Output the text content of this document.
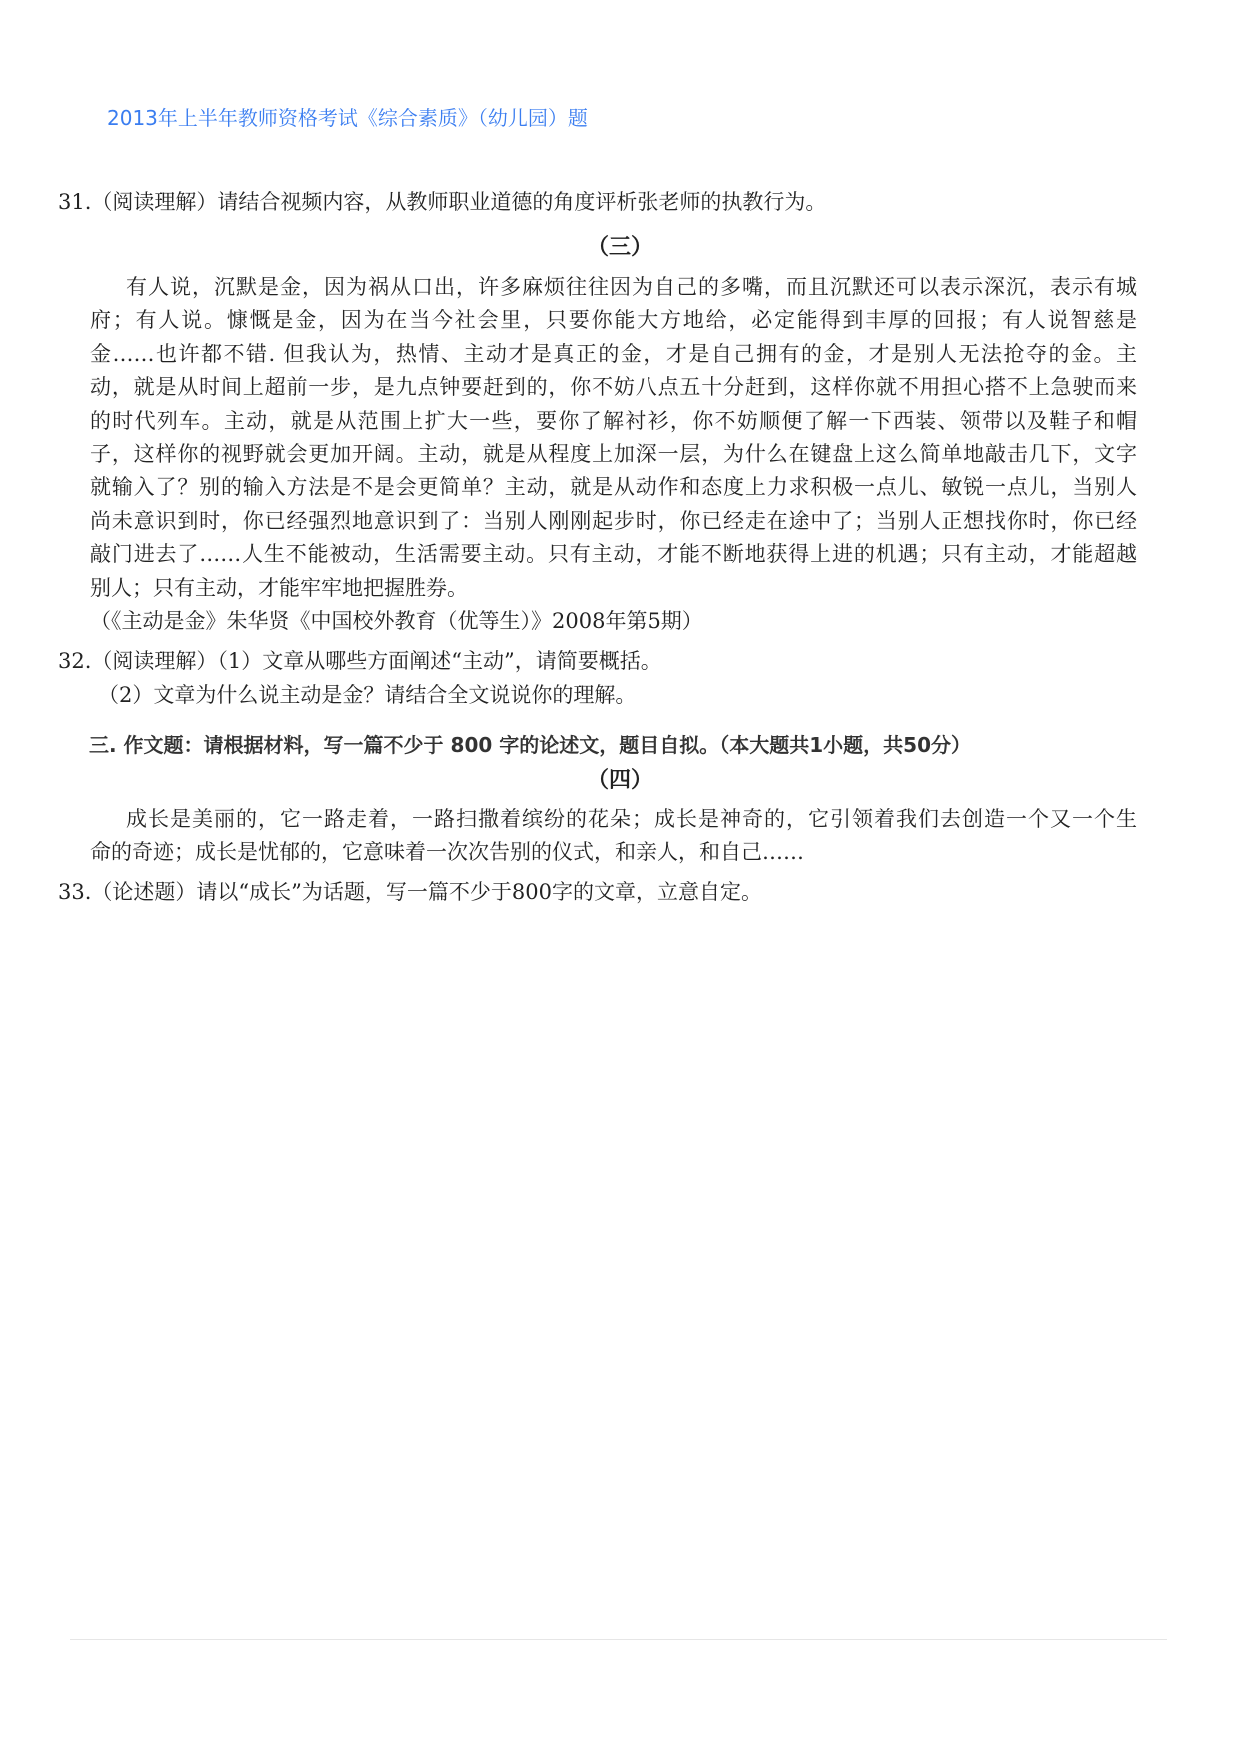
2013年上半年教师资格考试《综合素质》（幼儿园）题
31.（阅读理解）请结合视频内容，从教师职业道德的角度评析张老师的执教行为。
（三）
有人说，沉默是金，因为祸从口出，许多麻烦往往因为自己的多嘴，而且沉默还可以表示深沉，表示有城
府；有人说。慷慨是金，因为在当今社会里，只要你能大方地给，必定能得到丰厚的回报；有人说智慈是
金……也许都不错. 但我认为，热情、主动才是真正的金，才是自己拥有的金，才是别人无法抢夺的金。主
动，就是从时间上超前一步，是九点钟要赶到的，你不妨八点五十分赶到，这样你就不用担心搭不上急驶而来
的时代列车。主动，就是从范围上扩大一些，要你了解衬衫，你不妨顺便了解一下西装、领带以及鞋子和帽
子，这样你的视野就会更加开阔。主动，就是从程度上加深一层，为什么在键盘上这么简单地敲击几下，文字
就输入了？别的输入方法是不是会更简单？主动，就是从动作和态度上力求积极一点儿、敏锐一点儿，当别人
尚未意识到时，你已经强烈地意识到了：当别人刚刚起步时，你已经走在途中了；当别人正想找你时，你已经
敲门进去了……人生不能被动，生活需要主动。只有主动，才能不断地获得上进的机遇；只有主动，才能超越
别人；只有主动，才能牢牢地把握胜券。
（《主动是金》朱华贤《中国校外教育（优等生）》2008年第5期）
32.（阅读理解）（1）文章从哪些方面阐述“主动”，请简要概括。
（2）文章为什么说主动是金？请结合全文说说你的理解。
三. 作文题：请根据材料，写一篇不少于 800 字的论述文，题目自拟。（本大题共1小题，共50分）
（四）
成长是美丽的，它一路走着，一路扫撒着缤纷的花朵；成长是神奇的，它引领着我们去创造一个又一个生
命的奇迹；成长是忧郁的，它意味着一次次告别的仪式，和亲人，和自己……
33.（论述题）请以“成长”为话题，写一篇不少于800字的文章，立意自定。
